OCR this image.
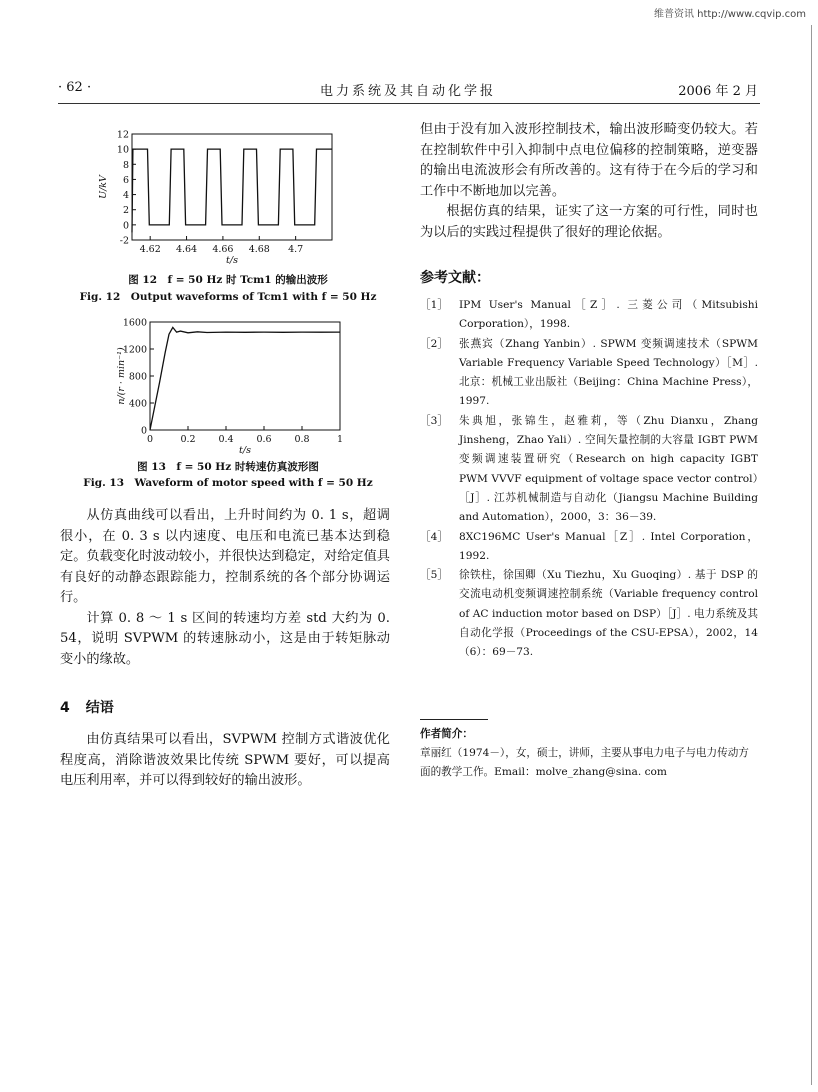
维普资讯 http://www.cqvip.com
· 62 ·	电力系统及其自动化学报	2006 年 2 月
12
10
8
6
4
2
0
-2
4.62 4.64 4.66 4.68 4.7
t/s
U/kV
图 12　f = 50 Hz 时 Tcm1 的输出波形
Fig. 12　Output waveforms of Tcm1 with f = 50 Hz
1600
1200
800
400
0
0	0.2 0.4 0.6 0.8	1
t/s
n/(r · min⁻¹)
图 13　f = 50 Hz 时转速仿真波形图
Fig. 13　Waveform of motor speed with f = 50 Hz

从仿真曲线可以看出，上升时间约为 0. 1 s，超调很小，在 0. 3 s 以内速度、电压和电流已基本达到稳定。负载变化时波动较小，并很快达到稳定，对给定值具有良好的动静态跟踪能力，控制系统的各个部分协调运行。

计算 0. 8 ～ 1 s 区间的转速均方差 std 大约为 0. 54，说明 SVPWM 的转速脉动小，这是由于转矩脉动变小的缘故。

4 结语

由仿真结果可以看出，SVPWM 控制方式谐波优化程度高，消除谐波效果比传统 SPWM 要好，可以提高电压利用率，并可以得到较好的输出波形。

但由于没有加入波形控制技术，输出波形畸变仍较大。若在控制软件中引入抑制中点电位偏移的控制策略，逆变器的输出电流波形会有所改善的。这有待于在今后的学习和工作中不断地加以完善。

根据仿真的结果，证实了这一方案的可行性，同时也为以后的实践过程提供了很好的理论依据。

参考文献：
［1］ IPM User's Manual［Z］. 三菱公司（Mitsubishi Corporation），1998.
［2］ 张燕宾（Zhang Yanbin）. SPWM 变频调速技术（SPWM Variable Frequency Variable Speed Technology）［M］. 北京：机械工业出版社（Beijing：China Machine Press），1997.
［3］ 朱典旭，张锦生，赵雅莉，等（Zhu Dianxu，Zhang Jinsheng，Zhao Yali）. 空间矢量控制的大容量 IGBT PWM 变频调速装置研究（Research on high capacity IGBT PWM VVVF equipment of voltage space vector control）［J］. 江苏机械制造与自动化（Jiangsu Machine Building and Automation），2000，3：36－39.
［4］ 8XC196MC User's Manual［Z］. Intel Corporation，1992.
［5］ 徐铁柱，徐国卿（Xu Tiezhu，Xu Guoqing）. 基于 DSP 的交流电动机变频调速控制系统（Variable frequency control of AC induction motor based on DSP）［J］. 电力系统及其自动化学报（Proceedings of the CSU-EPSA），2002，14（6）：69－73.
作者简介：
章丽红（1974－），女，硕士，讲师，主要从事电力电子与电力传动方面的教学工作。Email：molve_zhang@sina. com
